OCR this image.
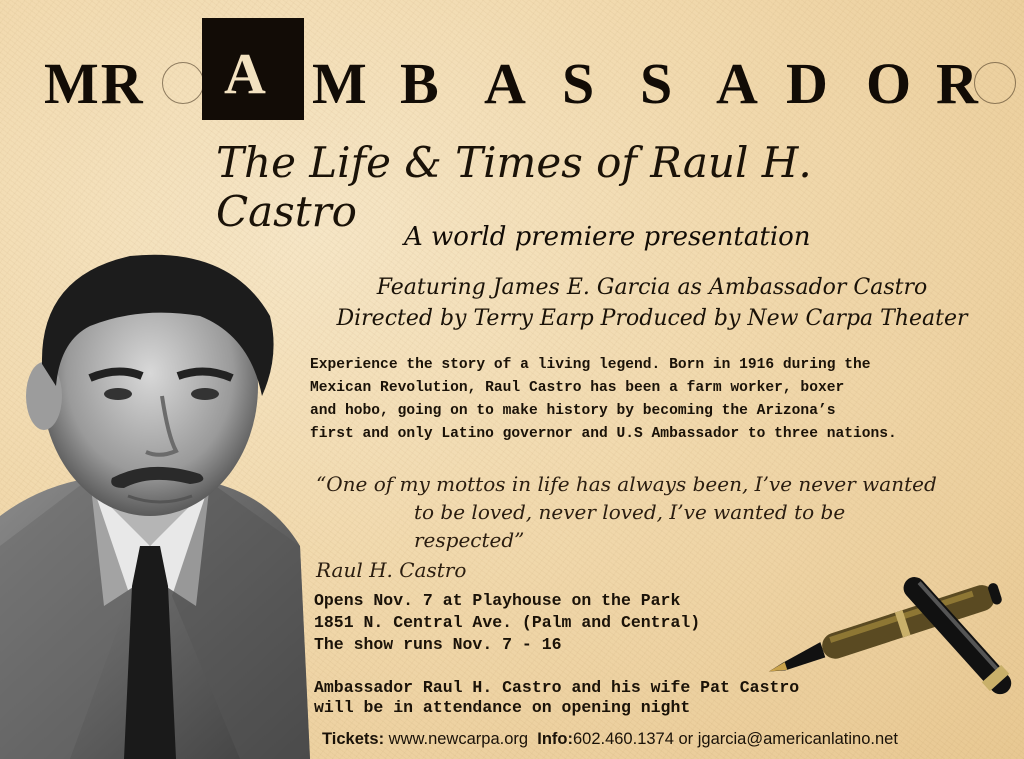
MR A M B A S S A D O R
The Life & Times of Raul H. Castro
A world premiere presentation
Featuring James E. Garcia as Ambassador Castro
Directed by Terry Earp Produced by New Carpa Theater
Experience the story of a living legend. Born in 1916 during the
Mexican Revolution, Raul Castro has been a farm worker, boxer
and hobo, going on to make history by becoming the Arizona’s
first and only Latino governor and U.S Ambassador to three nations.
“One of my mottos in life has always been, I’ve never wanted
to be loved, never loved, I’ve wanted to be respected”
Raul H. Castro
Opens Nov. 7 at Playhouse on the Park
1851 N. Central Ave. (Palm and Central)
The show runs Nov. 7 - 16
Ambassador Raul H. Castro and his wife Pat Castro
will be in attendance on opening night
Tickets: www.newcarpa.org Info:602.460.1374 or jgarcia@americanlatino.net
